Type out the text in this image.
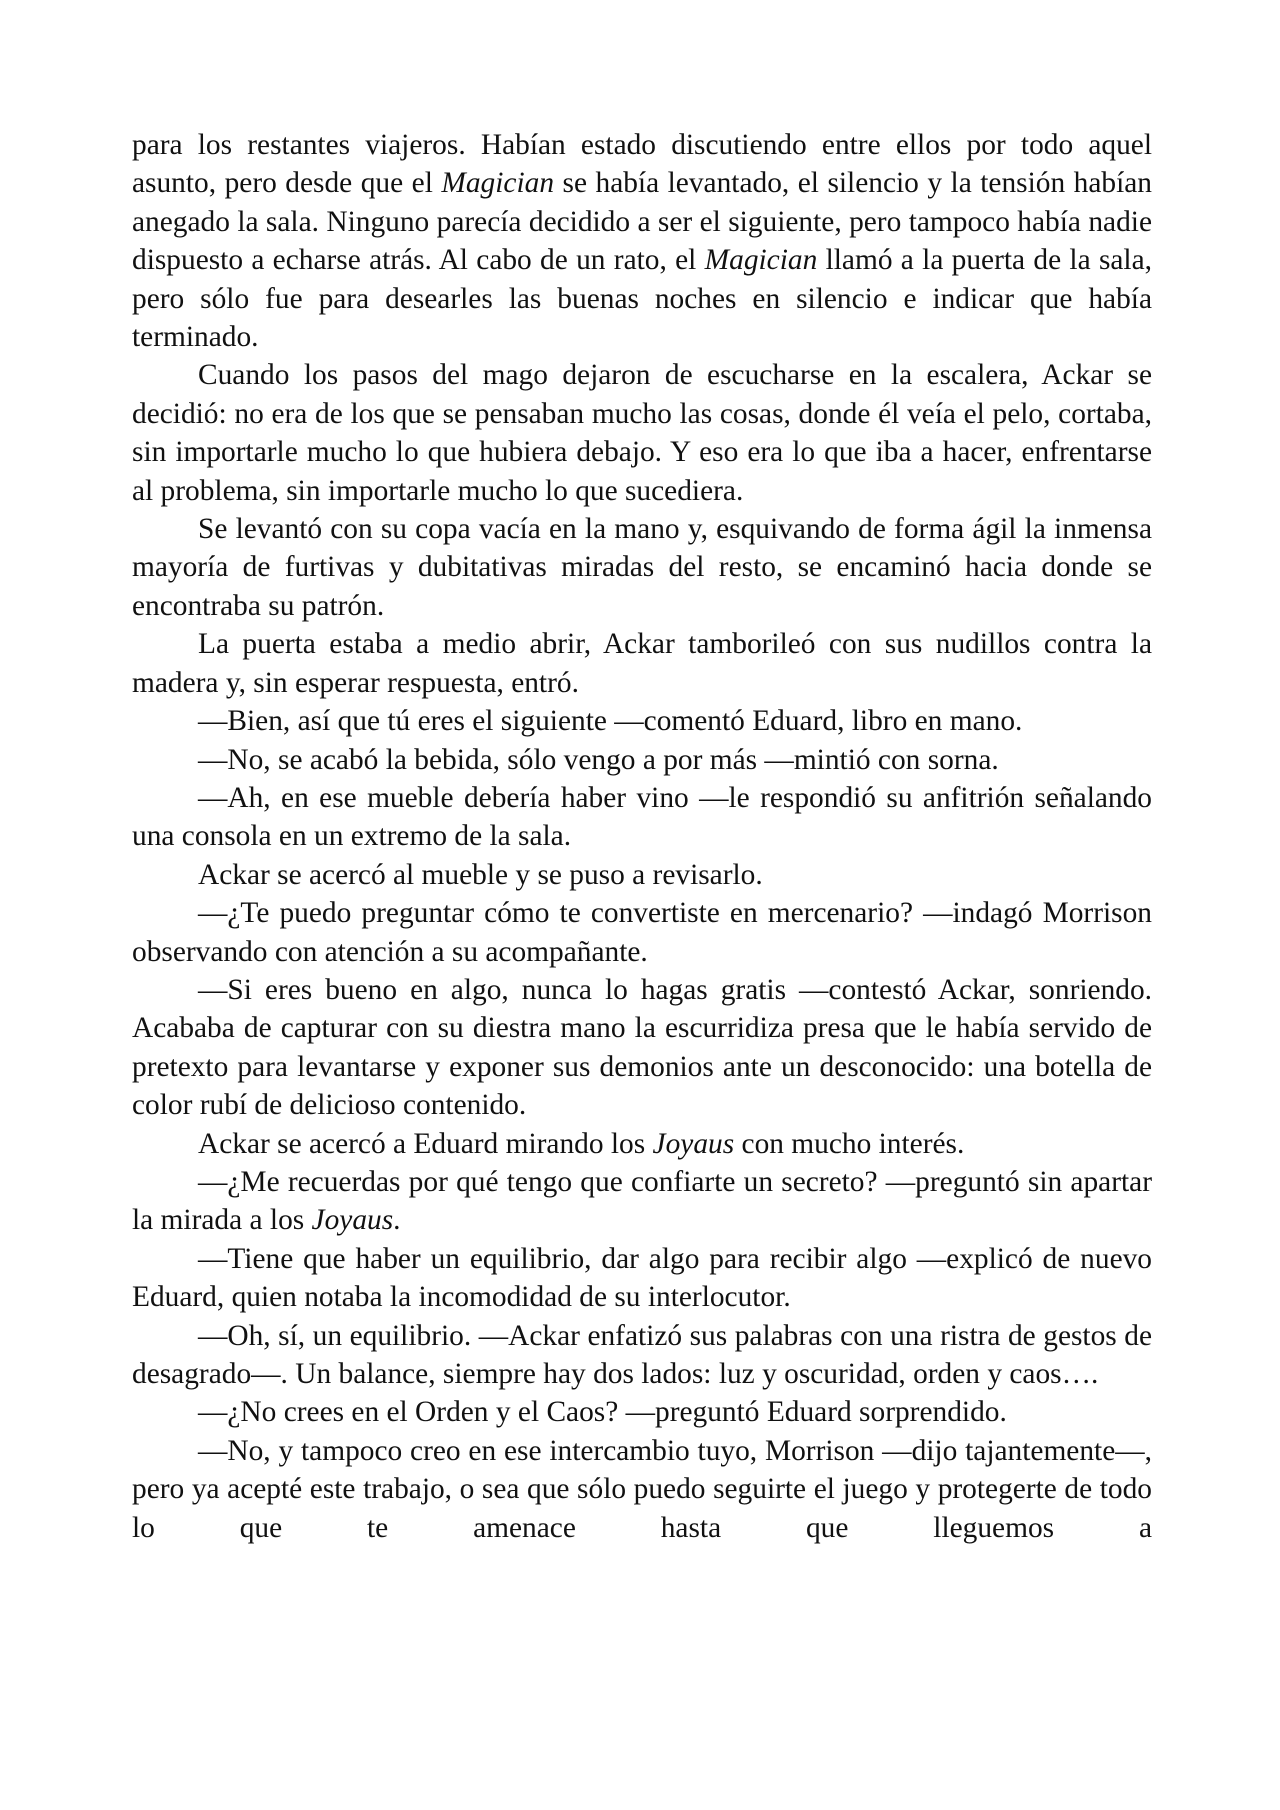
para los restantes viajeros. Habían estado discutiendo entre ellos por todo aquel asunto, pero desde que el Magician se había levantado, el silencio y la tensión habían anegado la sala. Ninguno parecía decidido a ser el siguiente, pero tampoco había nadie dispuesto a echarse atrás. Al cabo de un rato, el Magician llamó a la puerta de la sala, pero sólo fue para desearles las buenas noches en silencio e indicar que había terminado.

Cuando los pasos del mago dejaron de escucharse en la escalera, Ackar se decidió: no era de los que se pensaban mucho las cosas, donde él veía el pelo, cortaba, sin importarle mucho lo que hubiera debajo. Y eso era lo que iba a hacer, enfrentarse al problema, sin importarle mucho lo que sucediera.

Se levantó con su copa vacía en la mano y, esquivando de forma ágil la inmensa mayoría de furtivas y dubitativas miradas del resto, se encaminó hacia donde se encontraba su patrón.

La puerta estaba a medio abrir, Ackar tamborileó con sus nudillos contra la madera y, sin esperar respuesta, entró.

—Bien, así que tú eres el siguiente —comentó Eduard, libro en mano.

—No, se acabó la bebida, sólo vengo a por más —mintió con sorna.

—Ah, en ese mueble debería haber vino —le respondió su anfitrión señalando una consola en un extremo de la sala.

Ackar se acercó al mueble y se puso a revisarlo.

—¿Te puedo preguntar cómo te convertiste en mercenario? —indagó Morrison observando con atención a su acompañante.

—Si eres bueno en algo, nunca lo hagas gratis —contestó Ackar, sonriendo. Acababa de capturar con su diestra mano la escurridiza presa que le había servido de pretexto para levantarse y exponer sus demonios ante un desconocido: una botella de color rubí de delicioso contenido.

Ackar se acercó a Eduard mirando los Joyaus con mucho interés.

—¿Me recuerdas por qué tengo que confiarte un secreto? —preguntó sin apartar la mirada a los Joyaus.

—Tiene que haber un equilibrio, dar algo para recibir algo —explicó de nuevo Eduard, quien notaba la incomodidad de su interlocutor.

—Oh, sí, un equilibrio. —Ackar enfatizó sus palabras con una ristra de gestos de desagrado—. Un balance, siempre hay dos lados: luz y oscuridad, orden y caos….

—¿No crees en el Orden y el Caos? —preguntó Eduard sorprendido.

—No, y tampoco creo en ese intercambio tuyo, Morrison —dijo tajantemente—, pero ya acepté este trabajo, o sea que sólo puedo seguirte el juego y protegerte de todo lo que te amenace hasta que lleguemos a
